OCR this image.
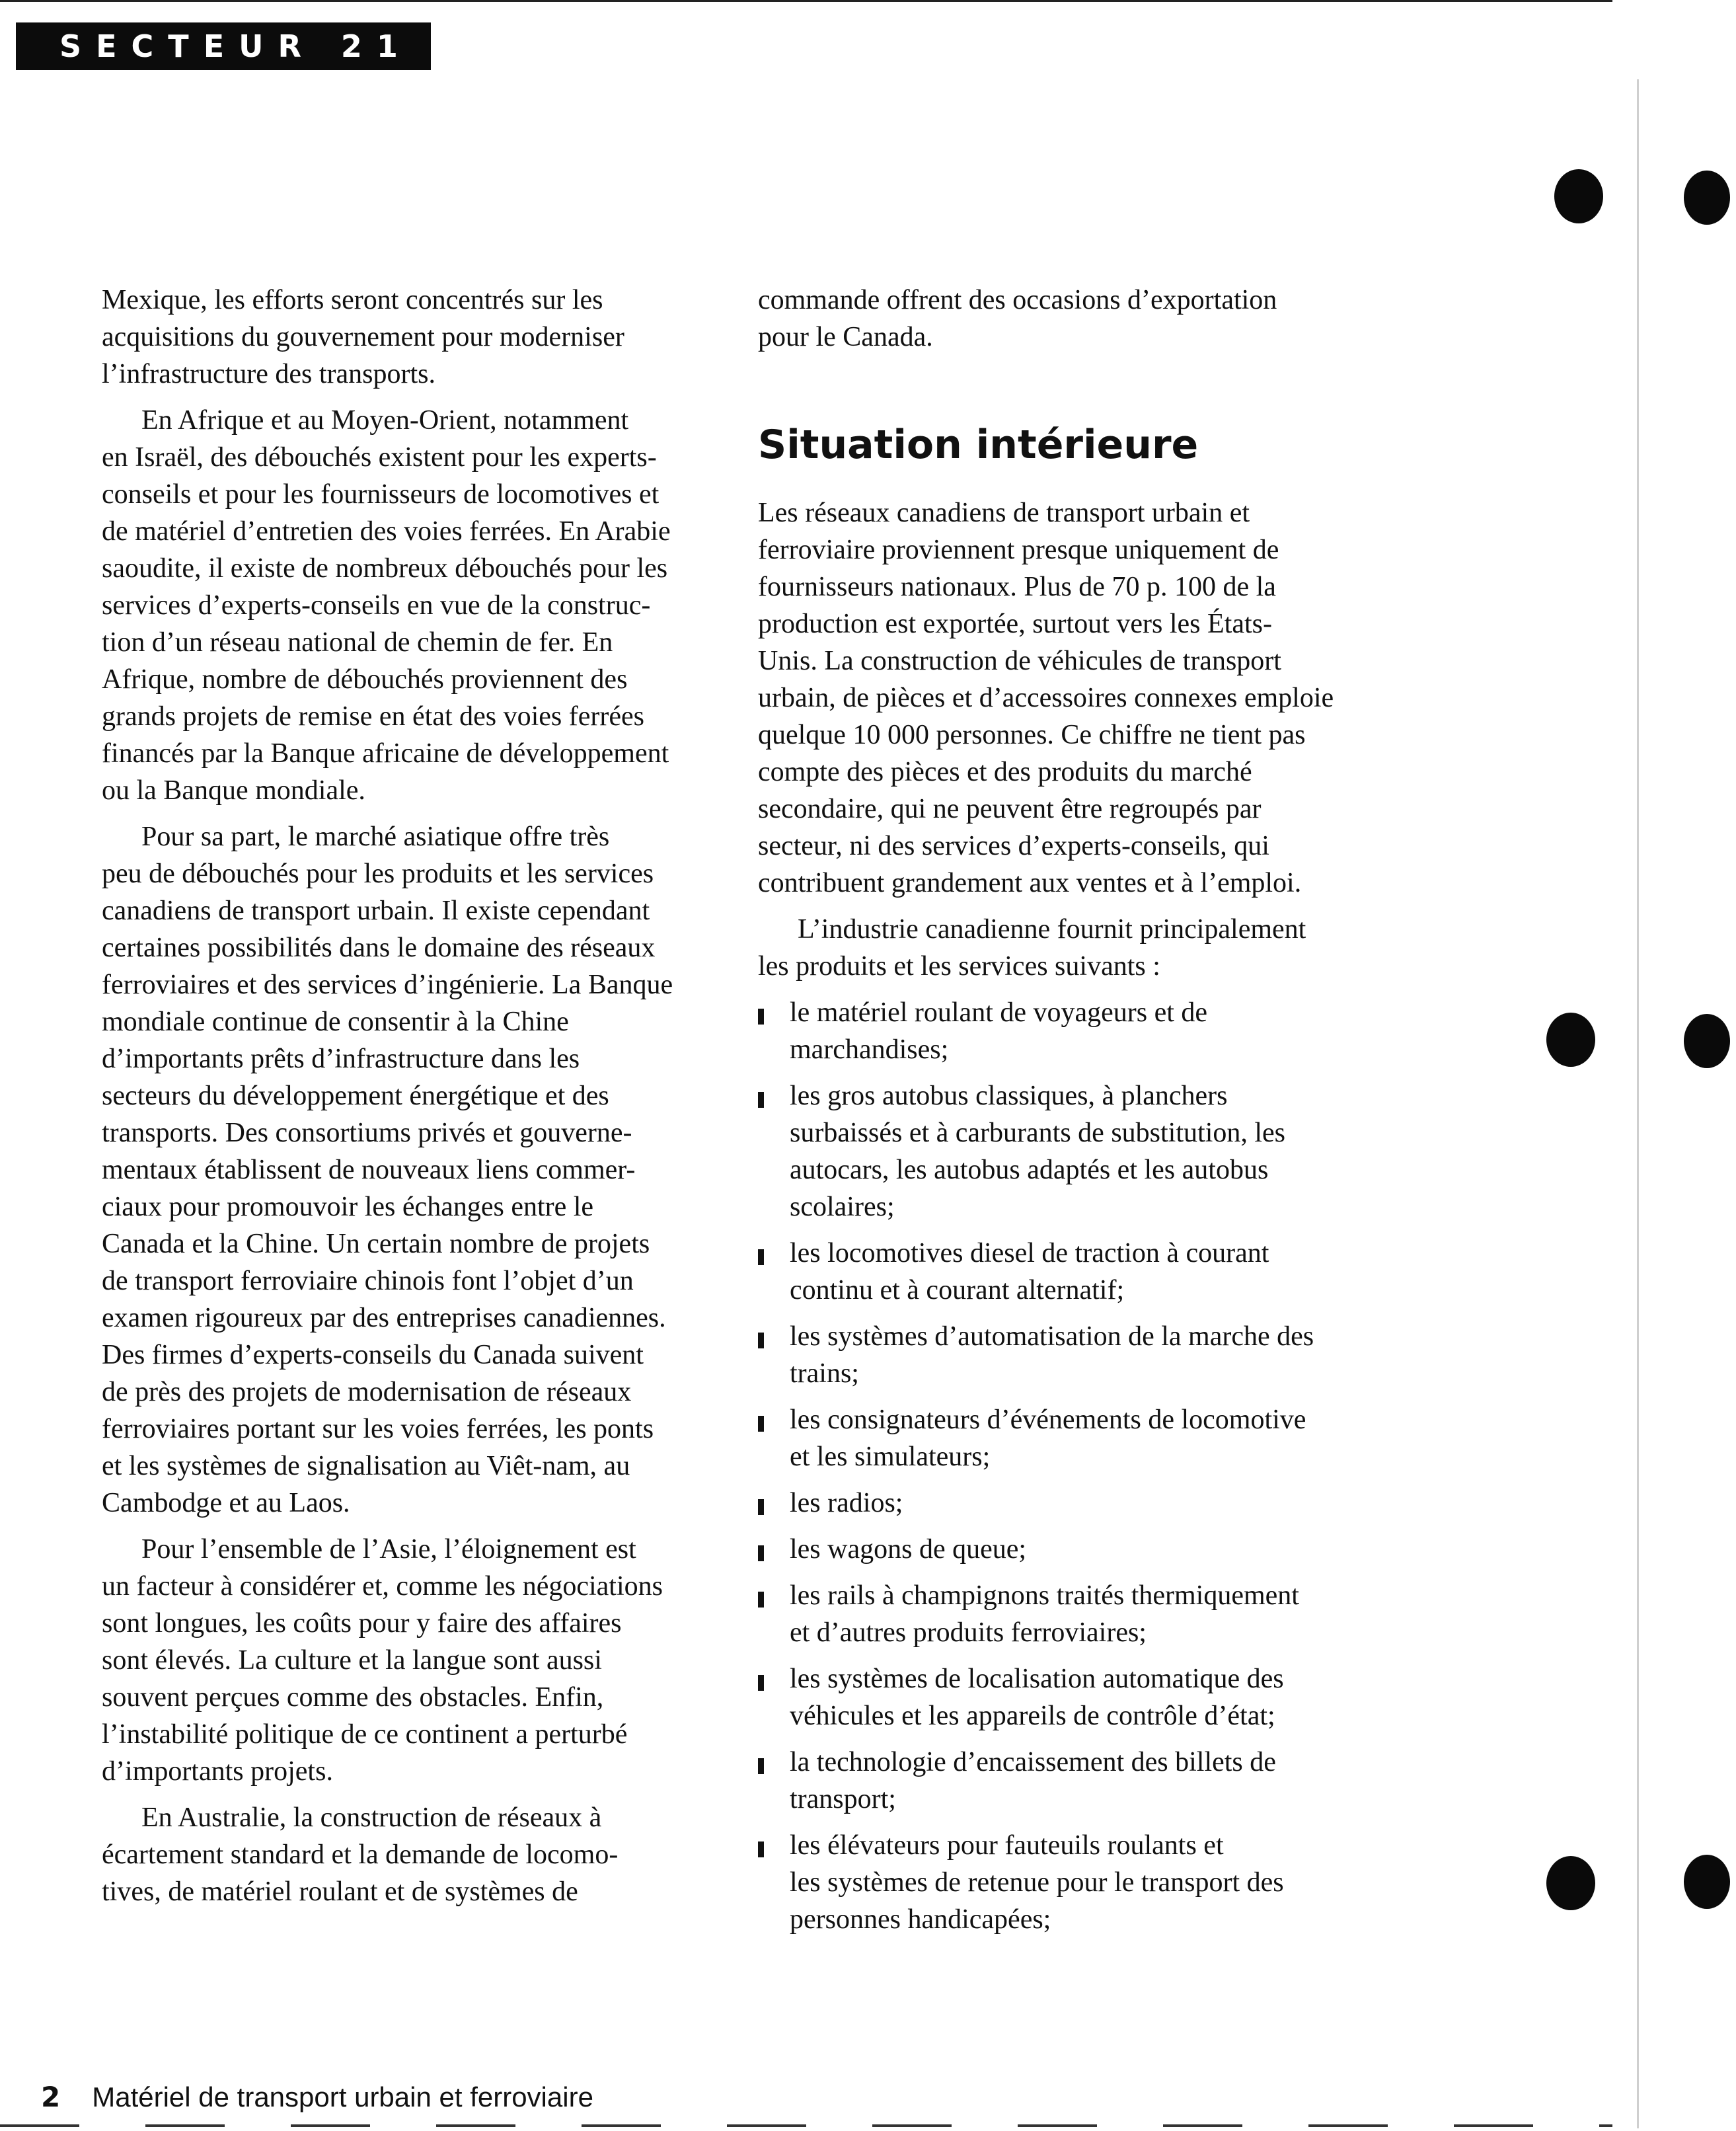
SECTEUR 21

Mexique, les efforts seront concentrés sur les
acquisitions du gouvernement pour moderniser
l’infrastructure des transports.

En Afrique et au Moyen-Orient, notamment
en Israël, des débouchés existent pour les experts-
conseils et pour les fournisseurs de locomotives et
de matériel d’entretien des voies ferrées. En Arabie
saoudite, il existe de nombreux débouchés pour les
services d’experts-conseils en vue de la construc-
tion d’un réseau national de chemin de fer. En
Afrique, nombre de débouchés proviennent des
grands projets de remise en état des voies ferrées
financés par la Banque africaine de développement
ou la Banque mondiale.

Pour sa part, le marché asiatique offre très
peu de débouchés pour les produits et les services
canadiens de transport urbain. Il existe cependant
certaines possibilités dans le domaine des réseaux
ferroviaires et des services d’ingénierie. La Banque
mondiale continue de consentir à la Chine
d’importants prêts d’infrastructure dans les
secteurs du développement énergétique et des
transports. Des consortiums privés et gouverne-
mentaux établissent de nouveaux liens commer-
ciaux pour promouvoir les échanges entre le
Canada et la Chine. Un certain nombre de projets
de transport ferroviaire chinois font l’objet d’un
examen rigoureux par des entreprises canadiennes.
Des firmes d’experts-conseils du Canada suivent
de près des projets de modernisation de réseaux
ferroviaires portant sur les voies ferrées, les ponts
et les systèmes de signalisation au Viêt-nam, au
Cambodge et au Laos.

Pour l’ensemble de l’Asie, l’éloignement est
un facteur à considérer et, comme les négociations
sont longues, les coûts pour y faire des affaires
sont élevés. La culture et la langue sont aussi
souvent perçues comme des obstacles. Enfin,
l’instabilité politique de ce continent a perturbé
d’importants projets.

En Australie, la construction de réseaux à
écartement standard et la demande de locomo-
tives, de matériel roulant et de systèmes de

commande offrent des occasions d’exportation
pour le Canada.

Situation intérieure

Les réseaux canadiens de transport urbain et
ferroviaire proviennent presque uniquement de
fournisseurs nationaux. Plus de 70 p. 100 de la
production est exportée, surtout vers les États-
Unis. La construction de véhicules de transport
urbain, de pièces et d’accessoires connexes emploie
quelque 10 000 personnes. Ce chiffre ne tient pas
compte des pièces et des produits du marché
secondaire, qui ne peuvent être regroupés par
secteur, ni des services d’experts-conseils, qui
contribuent grandement aux ventes et à l’emploi.

L’industrie canadienne fournit principalement
les produits et les services suivants :

le matériel roulant de voyageurs et de
marchandises;
les gros autobus classiques, à planchers
surbaissés et à carburants de substitution, les
autocars, les autobus adaptés et les autobus
scolaires;
les locomotives diesel de traction à courant
continu et à courant alternatif;
les systèmes d’automatisation de la marche des
trains;
les consignateurs d’événements de locomotive
et les simulateurs;
les radios;
les wagons de queue;
les rails à champignons traités thermiquement
et d’autres produits ferroviaires;
les systèmes de localisation automatique des
véhicules et les appareils de contrôle d’état;
la technologie d’encaissement des billets de
transport;
les élévateurs pour fauteuils roulants et
les systèmes de retenue pour le transport des
personnes handicapées;
2 Matériel de transport urbain et ferroviaire
